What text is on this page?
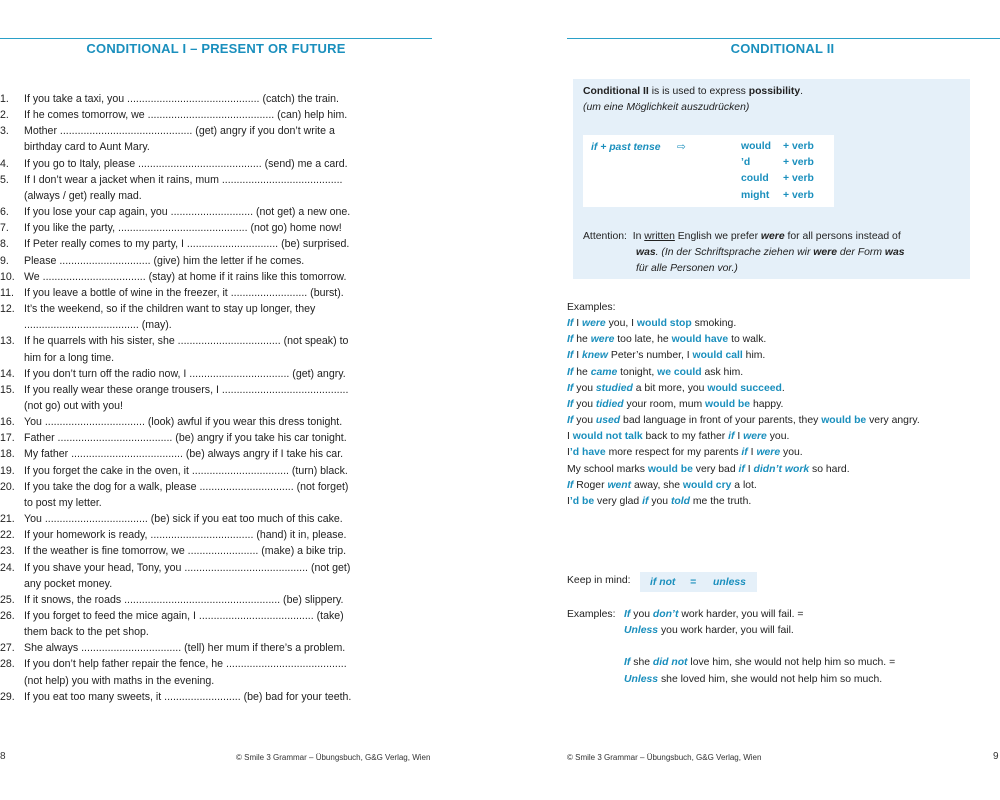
CONDITIONAL I – PRESENT OR FUTURE
1.	If you take a taxi, you ............................................. (catch) the train.
2.	If he comes tomorrow, we ........................................... (can) help him.
3.	Mother ............................................. (get) angry if you don’t write a
birthday card to Aunt Mary.
4.	If you go to Italy, please .......................................... (send) me a card.
5.	If I don’t wear a jacket when it rains, mum .........................................
(always / get) really mad.
6.	If you lose your cap again, you ............................ (not get) a new one.
7.	If you like the party, ............................................ (not go) home now!
8.	If Peter really comes to my party, I ............................... (be) surprised.
9.	Please ............................... (give) him the letter if he comes.
10. We ................................... (stay) at home if it rains like this tomorrow.
11. If you leave a bottle of wine in the freezer, it .......................... (burst).
12. It’s the weekend, so if the children want to stay up longer, they
....................................... (may).
13. If he quarrels with his sister, she ................................... (not speak) to
him for a long time.
14. If you don’t turn off the radio now, I .................................. (get) angry.
15. If you really wear these orange trousers, I ...........................................
(not go) out with you!
16. You .................................. (look) awful if you wear this dress tonight.
17. Father ....................................... (be) angry if you take his car tonight.
18. My father ...................................... (be) always angry if I take his car.
19. If you forget the cake in the oven, it ................................. (turn) black.
20. If you take the dog for a walk, please ................................ (not forget)
to post my letter.
21. You ................................... (be) sick if you eat too much of this cake.
22. If your homework is ready, ................................... (hand) it in, please.
23. If the weather is fine tomorrow, we ........................ (make) a bike trip.
24. If you shave your head, Tony, you .......................................... (not get)
any pocket money.
25. If it snows, the roads ..................................................... (be) slippery.
26. If you forget to feed the mice again, I ....................................... (take)
them back to the pet shop.
27. She always .................................. (tell) her mum if there’s a problem.
28. If you don’t help father repair the fence, he .........................................
(not help) you with maths in the evening.
29. If you eat too many sweets, it .......................... (be) bad for your teeth.
8	© Smile 3 Grammar – Übungsbuch, G&G Verlag, Wien
CONDITIONAL II
Conditional II is is used to express possibility.
(um eine Möglichkeit auszudrücken)
if + past tense ⇨	would + verb
’d	+ verb
could + verb
might + verb
Attention: In written English we prefer were for all persons instead of
was. (In der Schriftsprache ziehen wir were der Form was
für alle Personen vor.)
Examples:
If I were you, I would stop smoking.
If he were too late, he would have to walk.
If I knew Peter’s number, I would call him.
If he came tonight, we could ask him.
If you studied a bit more, you would succeed.
If you tidied your room, mum would be happy.
If you used bad language in front of your parents, they would be very angry.
I would not talk back to my father if I were you.
I’d have more respect for my parents if I were you.
My school marks would be very bad if I didn’t work so hard.
If Roger went away, she would cry a lot.
I’d be very glad if you told me the truth.
Keep in mind: if not = unless
Examples: If you don’t work harder, you will fail. =
Unless you work harder, you will fail.

If she did not love him, she would not help him so much. =
Unless she loved him, she would not help him so much.
© Smile 3 Grammar – Übungsbuch, G&G Verlag, Wien	9
